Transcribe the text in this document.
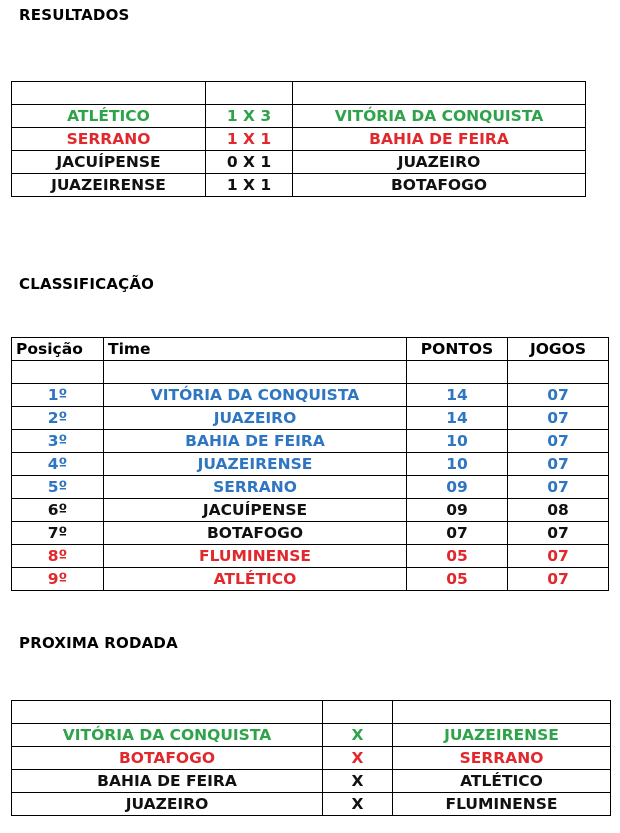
RESULTADOS

ATLÉTICO	1 X 3	VITÓRIA DA CONQUISTA
SERRANO	1 X 1	BAHIA DE FEIRA
JACUÍPENSE	0 X 1	JUAZEIRO
JUAZEIRENSE	1 X 1	BOTAFOGO
CLASSIFICAÇÃO
Posição	Time	PONTOS	JOGOS

1º	VITÓRIA DA CONQUISTA	14	07
2º	JUAZEIRO	14	07
3º	BAHIA DE FEIRA	10	07
4º	JUAZEIRENSE	10	07
5º	SERRANO	09	07
6º	JACUÍPENSE	09	08
7º	BOTAFOGO	07	07
8º	FLUMINENSE	05	07
9º	ATLÉTICO	05	07
PROXIMA RODADA

VITÓRIA DA CONQUISTA	X	JUAZEIRENSE
BOTAFOGO	X	SERRANO
BAHIA DE FEIRA	X	ATLÉTICO
JUAZEIRO	X	FLUMINENSE
